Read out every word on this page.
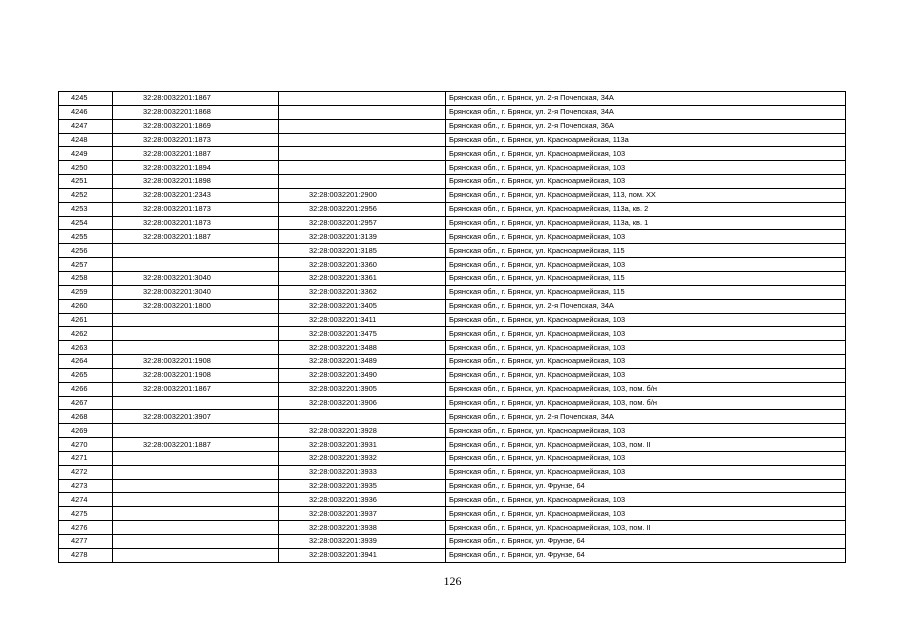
4245	32:28:0032201:1867		Брянская обл., г. Брянск, ул. 2-я Почепская, 34А
4246	32:28:0032201:1868		Брянская обл., г. Брянск, ул. 2-я Почепская, 34А
4247	32:28:0032201:1869		Брянская обл., г. Брянск, ул. 2-я Почепская, 36А
4248	32:28:0032201:1873		Брянская обл., г. Брянск, ул. Красноармейская, 113а
4249	32:28:0032201:1887		Брянская обл., г. Брянск, ул. Красноармейская, 103
4250	32:28:0032201:1894		Брянская обл., г. Брянск, ул. Красноармейская, 103
4251	32:28:0032201:1898		Брянская обл., г. Брянск, ул. Красноармейская, 103
4252	32:28:0032201:2343	32:28:0032201:2900	Брянская обл., г. Брянск, ул. Красноармейская, 113, пом. XX
4253	32:28:0032201:1873	32:28:0032201:2956	Брянская обл., г. Брянск, ул. Красноармейская, 113а, кв. 2
4254	32:28:0032201:1873	32:28:0032201:2957	Брянская обл., г. Брянск, ул. Красноармейская, 113а, кв. 1
4255	32:28:0032201:1887	32:28:0032201:3139	Брянская обл., г. Брянск, ул. Красноармейская, 103
4256		32:28:0032201:3185	Брянская обл., г. Брянск, ул. Красноармейская, 115
4257		32:28:0032201:3360	Брянская обл., г. Брянск, ул. Красноармейская, 103
4258	32:28:0032201:3040	32:28:0032201:3361	Брянская обл., г. Брянск, ул. Красноармейская, 115
4259	32:28:0032201:3040	32:28:0032201:3362	Брянская обл., г. Брянск, ул. Красноармейская, 115
4260	32:28:0032201:1800	32:28:0032201:3405	Брянская обл., г. Брянск, ул. 2-я Почепская, 34А
4261		32:28:0032201:3411	Брянская обл., г. Брянск, ул. Красноармейская, 103
4262		32:28:0032201:3475	Брянская обл., г. Брянск, ул. Красноармейская, 103
4263		32:28:0032201:3488	Брянская обл., г. Брянск, ул. Красноармейская, 103
4264	32:28:0032201:1908	32:28:0032201:3489	Брянская обл., г. Брянск, ул. Красноармейская, 103
4265	32:28:0032201:1908	32:28:0032201:3490	Брянская обл., г. Брянск, ул. Красноармейская, 103
4266	32:28:0032201:1867	32:28:0032201:3905	Брянская обл., г. Брянск, ул. Красноармейская, 103, пом. б/н
4267		32:28:0032201:3906	Брянская обл., г. Брянск, ул. Красноармейская, 103, пом. б/н
4268	32:28:0032201:3907		Брянская обл., г. Брянск, ул. 2-я Почепская, 34А
4269		32:28:0032201:3928	Брянская обл., г. Брянск, ул. Красноармейская, 103
4270	32:28:0032201:1887	32:28:0032201:3931	Брянская обл., г. Брянск, ул. Красноармейская, 103, пом. II
4271		32:28:0032201:3932	Брянская обл., г. Брянск, ул. Красноармейская, 103
4272		32:28:0032201:3933	Брянская обл., г. Брянск, ул. Красноармейская, 103
4273		32:28:0032201:3935	Брянская обл., г. Брянск, ул. Фрунзе, 64
4274		32:28:0032201:3936	Брянская обл., г. Брянск, ул. Красноармейская, 103
4275		32:28:0032201:3937	Брянская обл., г. Брянск, ул. Красноармейская, 103
4276		32:28:0032201:3938	Брянская обл., г. Брянск, ул. Красноармейская, 103, пом. II
4277		32:28:0032201:3939	Брянская обл., г. Брянск, ул. Фрунзе, 64
4278		32:28:0032201:3941	Брянская обл., г. Брянск, ул. Фрунзе, 64
126
